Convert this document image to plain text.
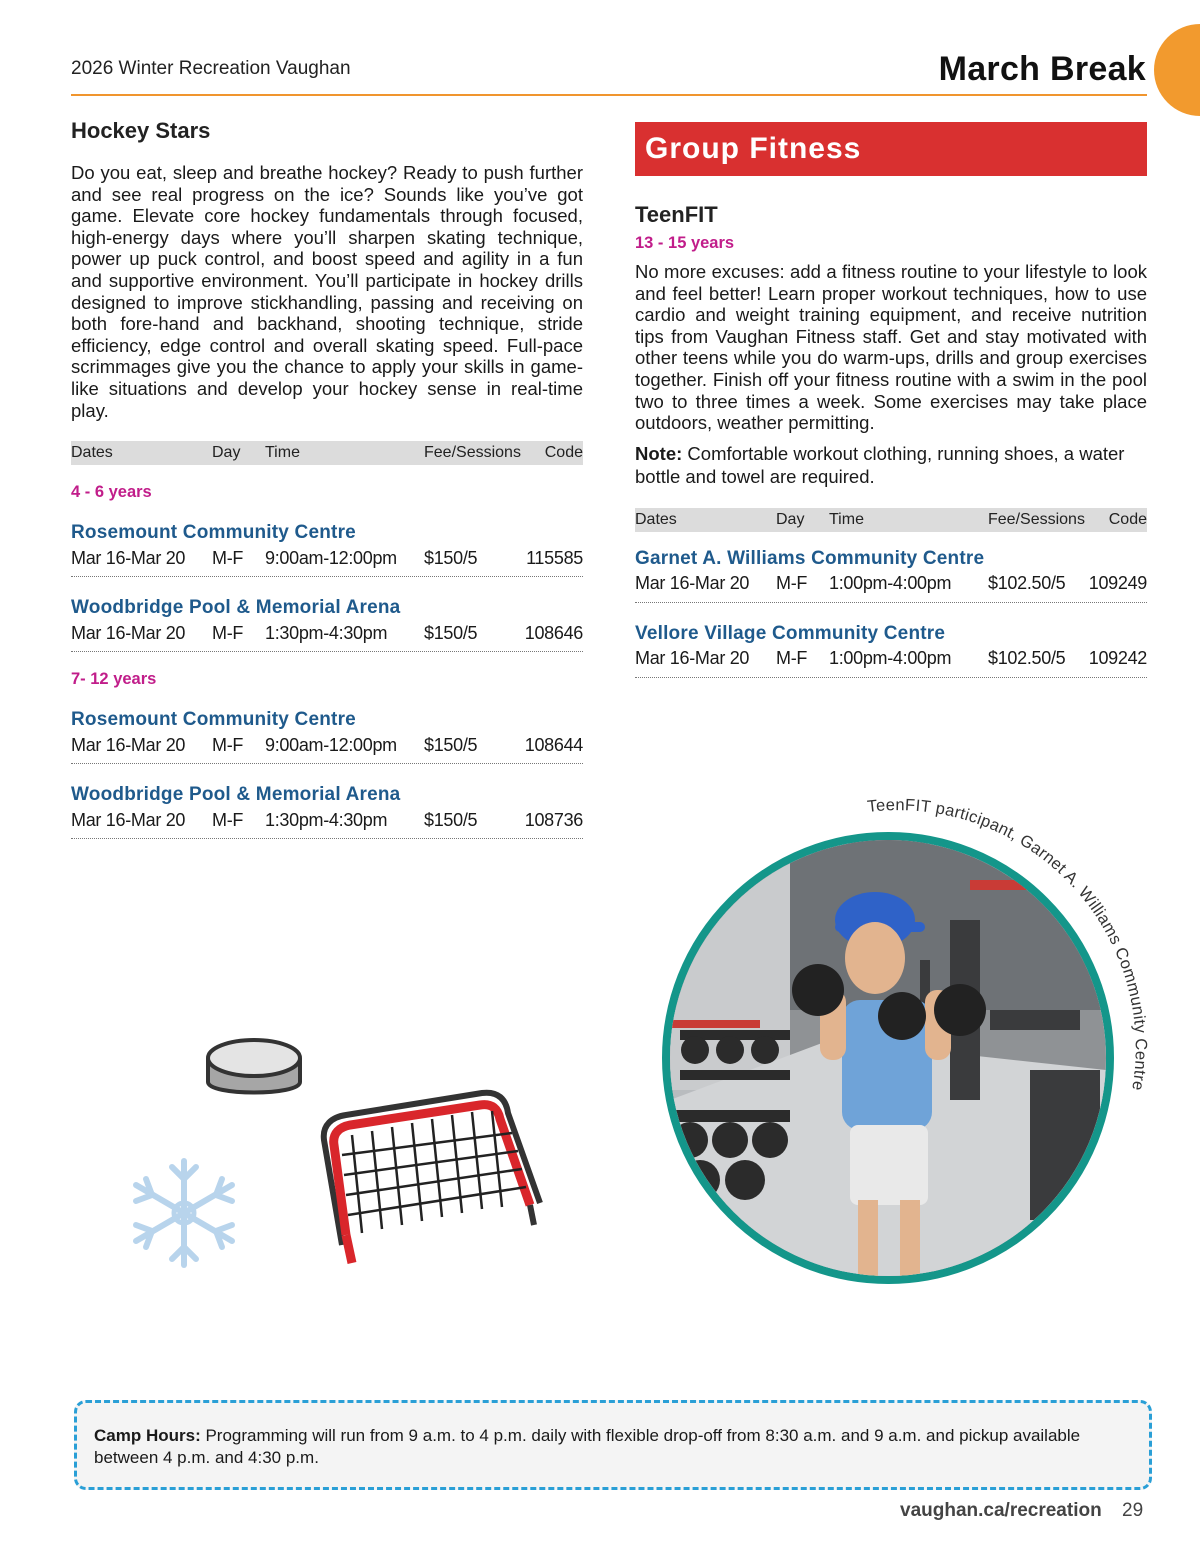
2026 Winter Recreation Vaughan	March Break
Hockey Stars

Do you eat, sleep and breathe hockey? Ready to push further and see real progress on the ice? Sounds like you’ve got game. Elevate core hockey fundamentals through focused, high-energy days where you’ll sharpen skating technique, power up puck control, and boost speed and agility in a fun and supportive environment. You’ll participate in hockey drills designed to improve stickhandling, passing and receiving on both fore-hand and backhand, shooting technique, stride efficiency, edge control and overall skating speed. Full-pace scrimmages give you the chance to apply your skills in game-like situations and develop your hockey sense in real-time play.

Dates	Day	Time	Fee/Sessions	Code
4 - 6 years
Rosemount Community Centre
Mar 16-Mar 20	M-F	9:00am-12:00pm	$150/5	115585
Woodbridge Pool & Memorial Arena
Mar 16-Mar 20	M-F	1:30pm-4:30pm	$150/5	108646
7- 12 years
Rosemount Community Centre
Mar 16-Mar 20	M-F	9:00am-12:00pm	$150/5	108644
Woodbridge Pool & Memorial Arena
Mar 16-Mar 20	M-F	1:30pm-4:30pm	$150/5	108736
Group Fitness
TeenFIT
13 - 15 years

No more excuses: add a fitness routine to your lifestyle to look and feel better! Learn proper workout techniques, how to use cardio and weight training equipment, and receive nutrition tips from Vaughan Fitness staff. Get and stay motivated with other teens while you do warm-ups, drills and group exercises together. Finish off your fitness routine with a swim in the pool two to three times a week. Some exercises may take place outdoors, weather permitting.

Note: Comfortable workout clothing, running shoes, a water bottle and towel are required.

Dates	Day	Time	Fee/Sessions	Code
Garnet A. Williams Community Centre
Mar 16-Mar 20	M-F	1:00pm-4:00pm	$102.50/5	109249
Vellore Village Community Centre
Mar 16-Mar 20	M-F	1:00pm-4:00pm	$102.50/5	109242
TeenFIT participant, Garnet A. Williams Community Centre
Camp Hours: Programming will run from 9 a.m. to 4 p.m. daily with flexible drop-off from 8:30 a.m. and 9 a.m. and pickup available between 4 p.m. and 4:30 p.m.
vaughan.ca/recreation 29
